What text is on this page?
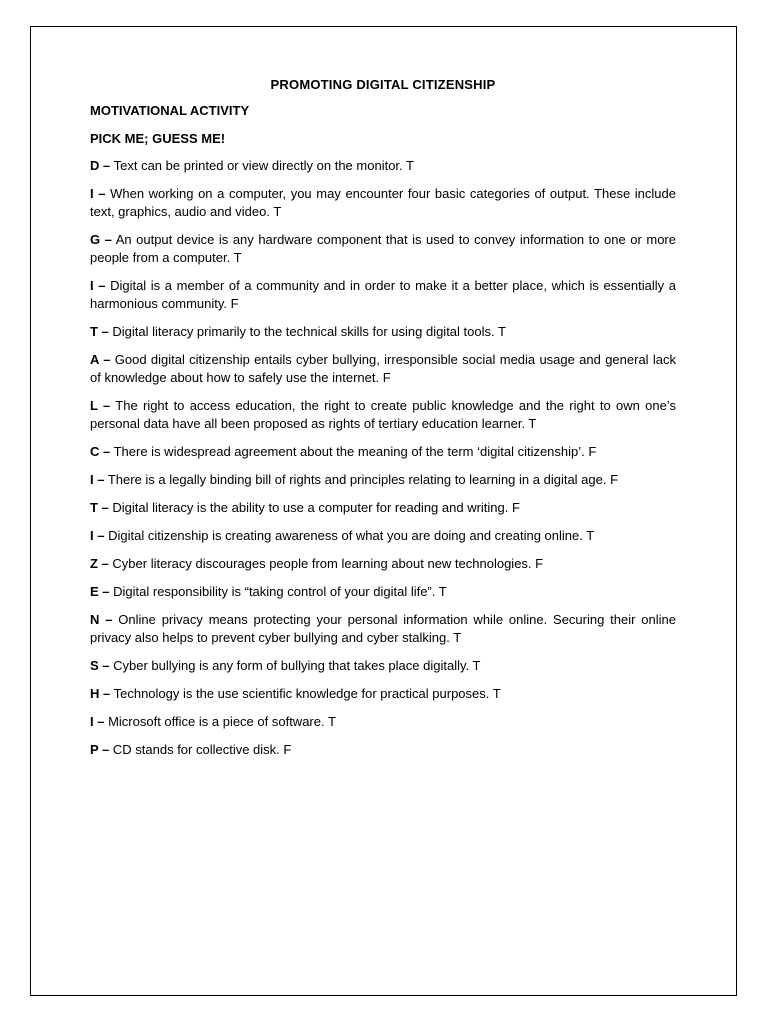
PROMOTING DIGITAL CITIZENSHIP
MOTIVATIONAL ACTIVITY
PICK ME; GUESS ME!
D – Text can be printed or view directly on the monitor. T
I – When working on a computer, you may encounter four basic categories of output. These include text, graphics, audio and video. T
G – An output device is any hardware component that is used to convey information to one or more people from a computer. T
I – Digital is a member of a community and in order to make it a better place, which is essentially a harmonious community. F
T – Digital literacy primarily to the technical skills for using digital tools. T
A – Good digital citizenship entails cyber bullying, irresponsible social media usage and general lack of knowledge about how to safely use the internet. F
L – The right to access education, the right to create public knowledge and the right to own one’s personal data have all been proposed as rights of tertiary education learner. T
C – There is widespread agreement about the meaning of the term ‘digital citizenship’. F
I – There is a legally binding bill of rights and principles relating to learning in a digital age. F
T – Digital literacy is the ability to use a computer for reading and writing. F
I – Digital citizenship is creating awareness of what you are doing and creating online. T
Z – Cyber literacy discourages people from learning about new technologies. F
E – Digital responsibility is “taking control of your digital life”. T
N – Online privacy means protecting your personal information while online. Securing their online privacy also helps to prevent cyber bullying and cyber stalking. T
S – Cyber bullying is any form of bullying that takes place digitally. T
H – Technology is the use scientific knowledge for practical purposes. T
I – Microsoft office is a piece of software. T
P – CD stands for collective disk. F
